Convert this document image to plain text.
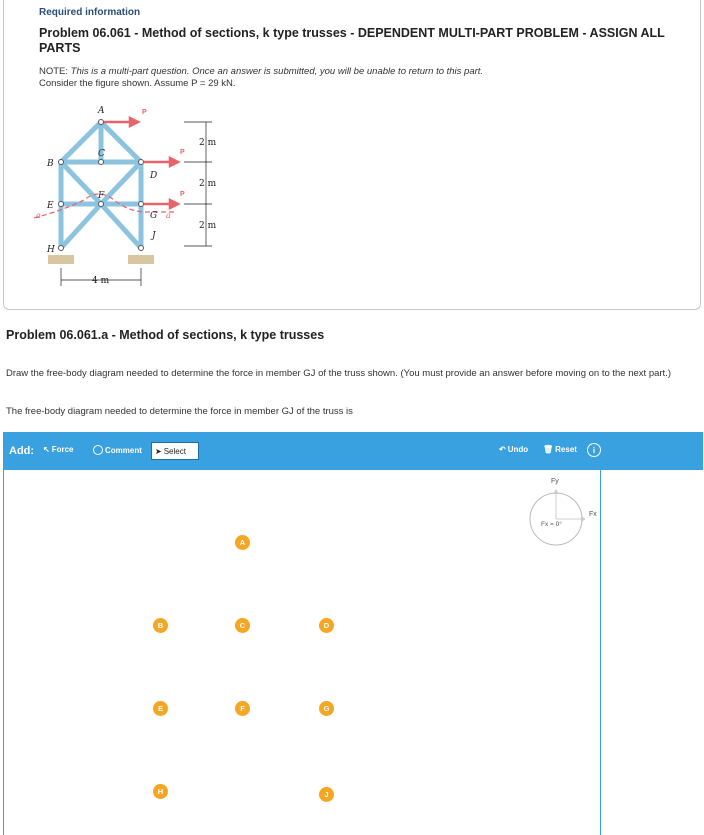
Required information
Problem 06.061 - Method of sections, k type trusses - DEPENDENT MULTI-PART PROBLEM - ASSIGN ALL PARTS
NOTE: This is a multi-part question. Once an answer is submitted, you will be unable to return to this part.
Consider the figure shown. Assume P = 29 kN.
A
B
C
D
E
F
G
H
J
a	a
P
P
P
2 m
2 m
2 m
4 m
Problem 06.061.a - Method of sections, k type trusses
Draw the free-body diagram needed to determine the force in member GJ of the truss shown. (You must provide an answer before moving on to the next part.)
The free-body diagram needed to determine the force in member GJ of the truss is
Add: ↖ Force	Comment ➤ Select	↶ Undo 🗑 Reset i
A
B	C	D
E	F	G
H	J
Fy
Fx = 0°
Fx
